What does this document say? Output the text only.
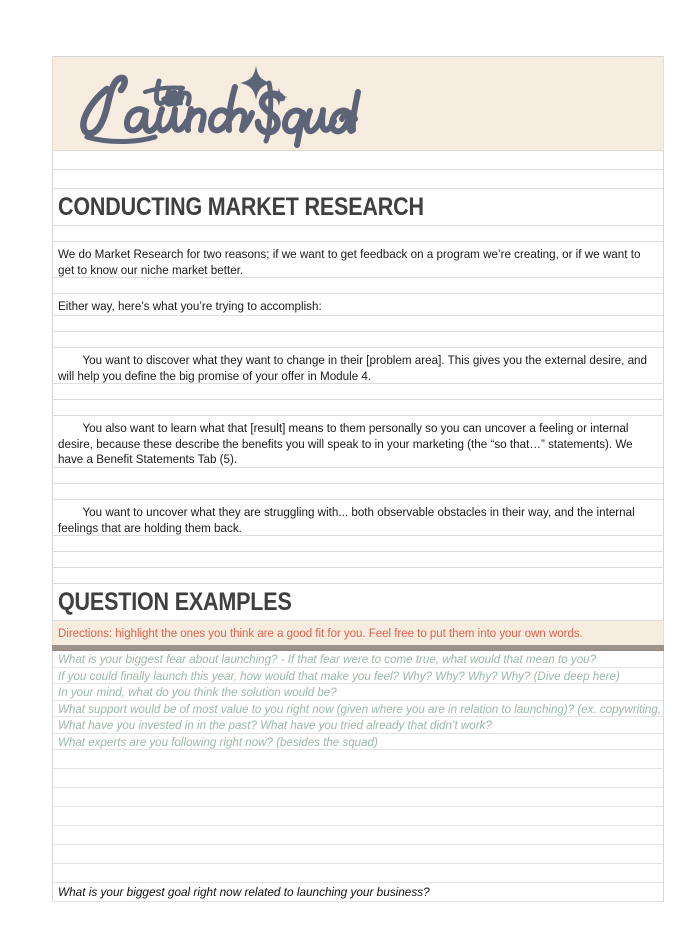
CONDUCTING MARKET RESEARCH
We do Market Research for two reasons; if we want to get feedback on a program we’re creating, or if we want to get to know our niche market better.
Either way, here’s what you’re trying to accomplish:
You want to discover what they want to change in their [problem area]. This gives you the external desire, and will help you define the big promise of your offer in Module 4.
You also want to learn what that [result] means to them personally so you can uncover a feeling or internal desire, because these describe the benefits you will speak to in your marketing (the “so that…” statements). We have a Benefit Statements Tab (5).
You want to uncover what they are struggling with... both observable obstacles in their way, and the internal feelings that are holding them back.
QUESTION EXAMPLES
Directions: highlight the ones you think are a good fit for you. Feel free to put them into your own words.
What is your biggest fear about launching? - If that fear were to come true, what would that mean to you?
If you could finally launch this year, how would that make you feel? Why? Why? Why? Why? (Dive deep here)
In your mind, what do you think the solution would be?
What support would be of most value to you right now (given where you are in relation to launching)? (ex. copywriting,
What have you invested in in the past? What have you tried already that didn’t work?
What experts are you following right now? (besides the squad)
What is your biggest goal right now related to launching your business?
